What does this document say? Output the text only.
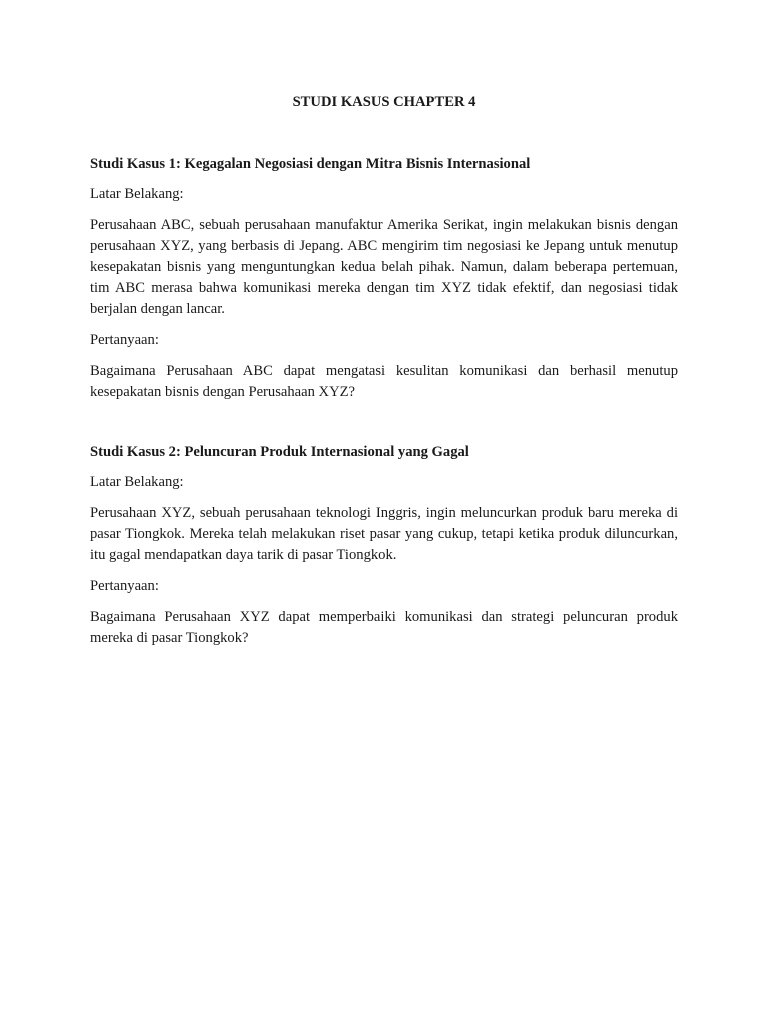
STUDI KASUS CHAPTER 4
Studi Kasus 1: Kegagalan Negosiasi dengan Mitra Bisnis Internasional

Latar Belakang:

Perusahaan ABC, sebuah perusahaan manufaktur Amerika Serikat, ingin melakukan bisnis dengan perusahaan XYZ, yang berbasis di Jepang. ABC mengirim tim negosiasi ke Jepang untuk menutup kesepakatan bisnis yang menguntungkan kedua belah pihak. Namun, dalam beberapa pertemuan, tim ABC merasa bahwa komunikasi mereka dengan tim XYZ tidak efektif, dan negosiasi tidak berjalan dengan lancar.

Pertanyaan:

Bagaimana Perusahaan ABC dapat mengatasi kesulitan komunikasi dan berhasil menutup kesepakatan bisnis dengan Perusahaan XYZ?

Studi Kasus 2: Peluncuran Produk Internasional yang Gagal

Latar Belakang:

Perusahaan XYZ, sebuah perusahaan teknologi Inggris, ingin meluncurkan produk baru mereka di pasar Tiongkok. Mereka telah melakukan riset pasar yang cukup, tetapi ketika produk diluncurkan, itu gagal mendapatkan daya tarik di pasar Tiongkok.

Pertanyaan:

Bagaimana Perusahaan XYZ dapat memperbaiki komunikasi dan strategi peluncuran produk mereka di pasar Tiongkok?
